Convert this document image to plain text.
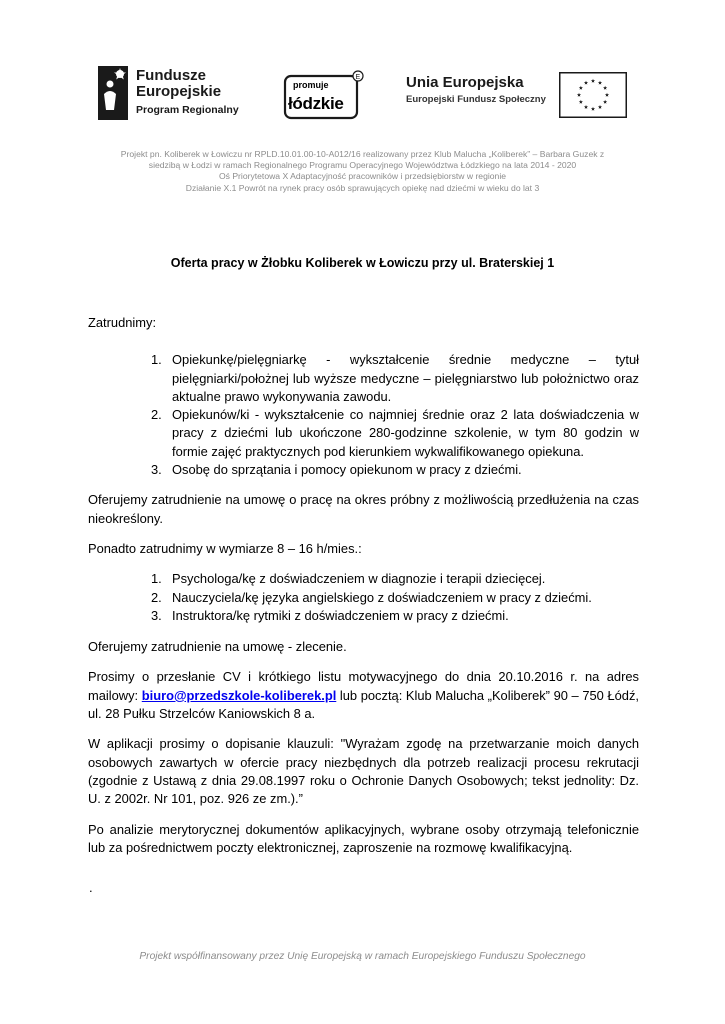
Fundusze
Europejskie
Program Regionalny
E
promuje
łódzkie
Unia Europejska
Europejski Fundusz Społeczny
Projekt pn. Koliberek w Łowiczu nr RPLD.10.01.00-10-A012/16 realizowany przez Klub Malucha „Koliberek” – Barbara Guzek z
siedzibą w Łodzi w ramach Regionalnego Programu Operacyjnego Województwa Łódzkiego na lata 2014 - 2020
Oś Priorytetowa X Adaptacyjność pracowników i przedsiębiorstw w regionie
Działanie X.1 Powrót na rynek pracy osób sprawujących opiekę nad dziećmi w wieku do lat 3
Oferta pracy w Żłobku Koliberek w Łowiczu przy ul. Braterskiej 1

Zatrudnimy:

1. Opiekunkę/pielęgniarkę - wykształcenie średnie medyczne – tytuł pielęgniarki/położnej lub wyższe medyczne – pielęgniarstwo lub położnictwo oraz aktualne prawo wykonywania zawodu.
2. Opiekunów/ki - wykształcenie co najmniej średnie oraz 2 lata doświadczenia w pracy z dziećmi lub ukończone 280-godzinne szkolenie, w tym 80 godzin w formie zajęć praktycznych pod kierunkiem wykwalifikowanego opiekuna.
3. Osobę do sprzątania i pomocy opiekunom w pracy z dziećmi.

Oferujemy zatrudnienie na umowę o pracę na okres próbny z możliwością przedłużenia na czas nieokreślony.

Ponadto zatrudnimy w wymiarze 8 – 16 h/mies.:

1. Psychologa/kę z doświadczeniem w diagnozie i terapii dziecięcej.
2. Nauczyciela/kę języka angielskiego z doświadczeniem w pracy z dziećmi.
3. Instruktora/kę rytmiki z doświadczeniem w pracy z dziećmi.

Oferujemy zatrudnienie na umowę - zlecenie.

Prosimy o przesłanie CV i krótkiego listu motywacyjnego do dnia 20.10.2016 r. na adres mailowy: biuro@przedszkole-koliberek.pl lub pocztą: Klub Malucha „Koliberek” 90 – 750 Łódź, ul. 28 Pułku Strzelców Kaniowskich 8 a.

W aplikacji prosimy o dopisanie klauzuli: "Wyrażam zgodę na przetwarzanie moich danych osobowych zawartych w ofercie pracy niezbędnych dla potrzeb realizacji procesu rekrutacji (zgodnie z Ustawą z dnia 29.08.1997 roku o Ochronie Danych Osobowych; tekst jednolity: Dz. U. z 2002r. Nr 101, poz. 926 ze zm.).”

Po analizie merytorycznej dokumentów aplikacyjnych, wybrane osoby otrzymają telefonicznie lub za pośrednictwem poczty elektronicznej, zaproszenie na rozmowę kwalifikacyjną.

.
Projekt współfinansowany przez Unię Europejską w ramach Europejskiego Funduszu Społecznego
